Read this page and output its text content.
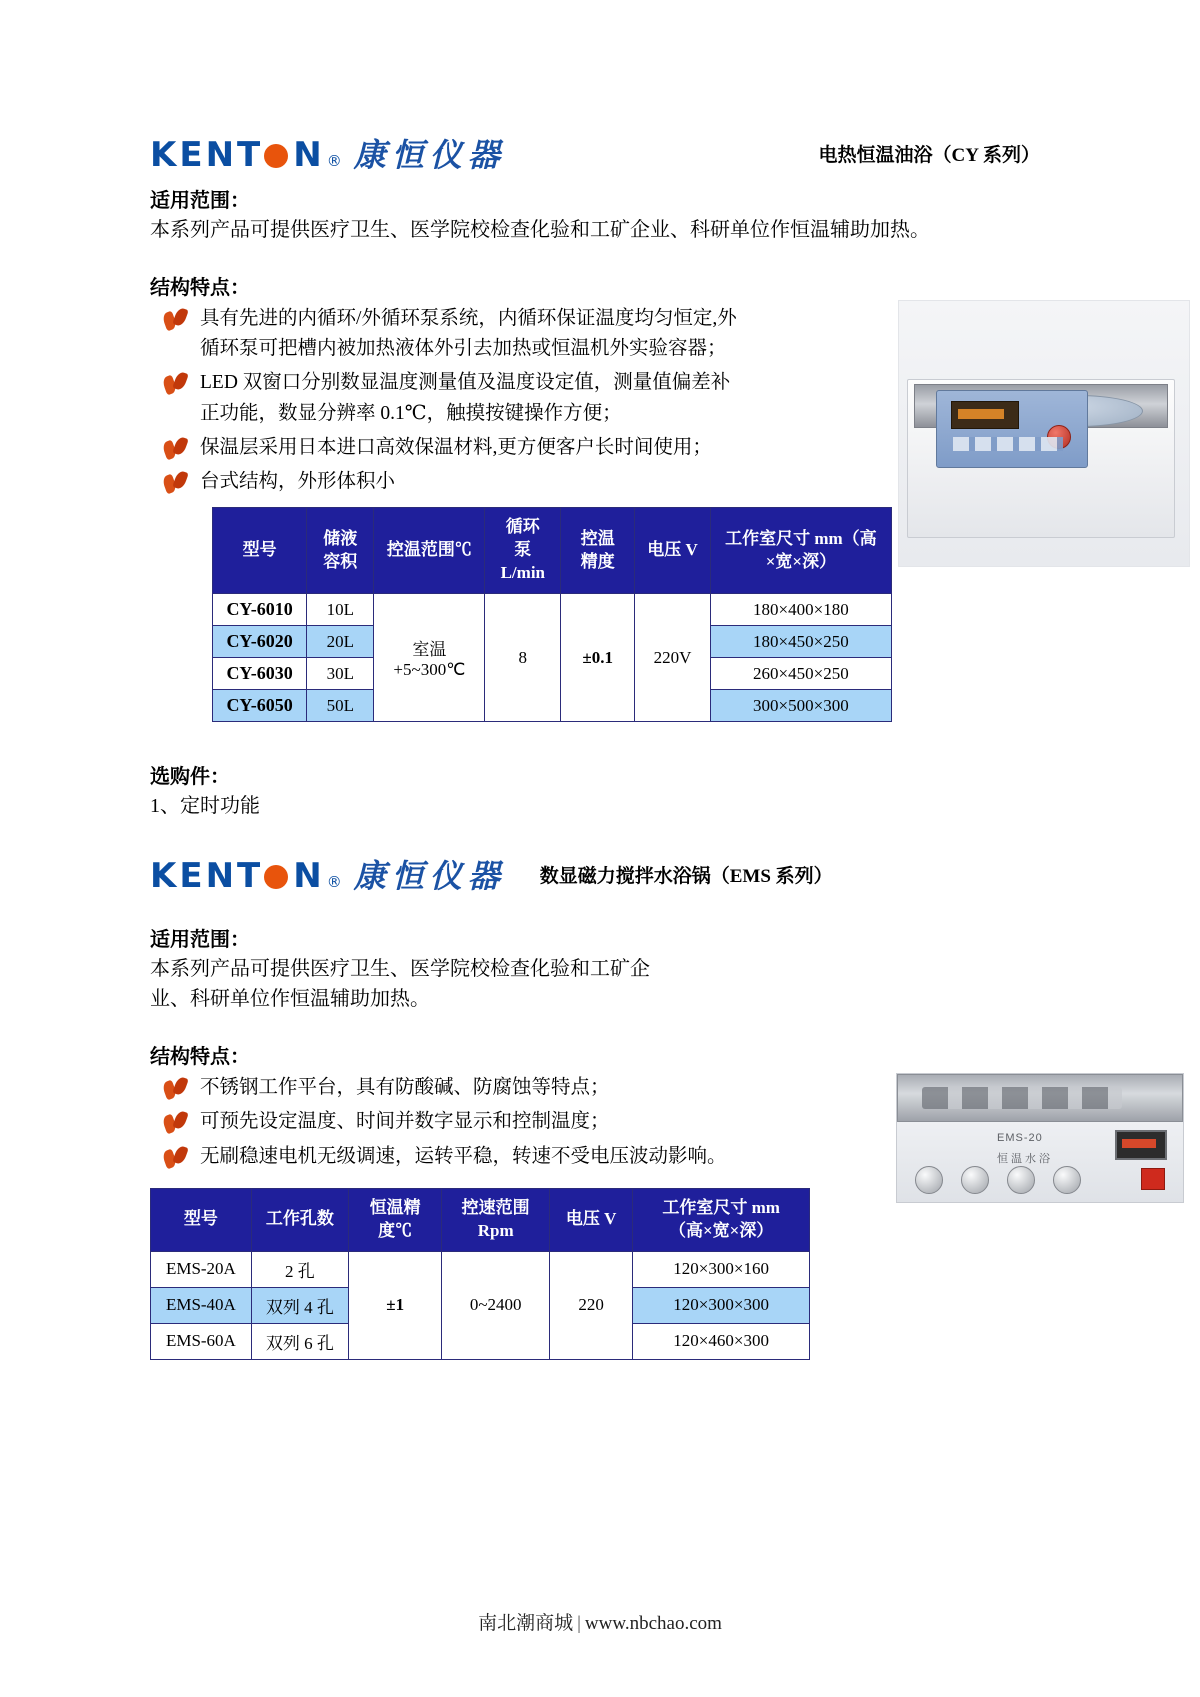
EMS-20
恒温水浴
KENT N ® 康恒仪器	电热恒温油浴（CY 系列）
适用范围：

本系列产品可提供医疗卫生、医学院校检查化验和工矿企业、科研单位作恒温辅助加热。

结构特点：
具有先进的内循环/外循环泵系统，内循环保证温度均匀恒定,外循环泵可把槽内被加热液体外引去加热或恒温机外实验容器；
LED 双窗口分别数显温度测量值及温度设定值，测量值偏差补正功能，数显分辨率 0.1℃，触摸按键操作方便；
保温层采用日本进口高效保温材料,更方便客户长时间使用；
台式结构，外形体积小
型号	储液
容积	控温范围℃	循环
泵
L/min	控温
精度	电压 V	工作室尺寸 mm（高
×宽×深）
CY-6010	10L	室温
+5~300℃	8	±0.1	220V	180×400×180
CY-6020	20L					180×450×250
CY-6030	30L					260×450×250
CY-6050	50L					300×500×300
选购件：

1、定时功能

KENT N ® 康恒仪器 数显磁力搅拌水浴锅（EMS 系列）
适用范围：

本系列产品可提供医疗卫生、医学院校检查化验和工矿企业、科研单位作恒温辅助加热。

结构特点：
不锈钢工作平台，具有防酸碱、防腐蚀等特点；
可预先设定温度、时间并数字显示和控制温度；
无刷稳速电机无级调速，运转平稳，转速不受电压波动影响。
型号	工作孔数	恒温精
度℃	控速范围
Rpm	电压 V	工作室尺寸 mm
（高×宽×深）
EMS-20A	2 孔	±1	0~2400	220	120×300×160
EMS-40A	双列 4 孔				120×300×300
EMS-60A	双列 6 孔				120×460×300
南北潮商城 | www.nbchao.com
